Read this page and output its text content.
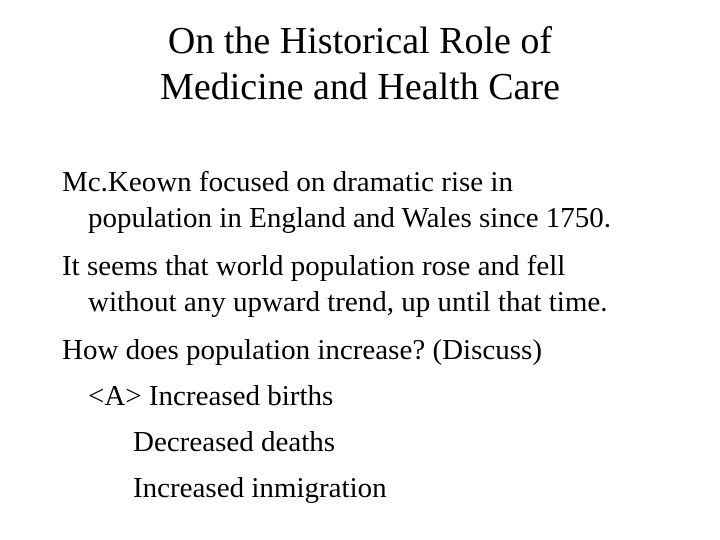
On the Historical Role of
Medicine and Health Care
Mc.Keown focused on dramatic rise in
population in England and Wales since 1750.
It seems that world population rose and fell
without any upward trend, up until that time.
How does population increase? (Discuss)
<A> Increased births
Decreased deaths
Increased inmigration
